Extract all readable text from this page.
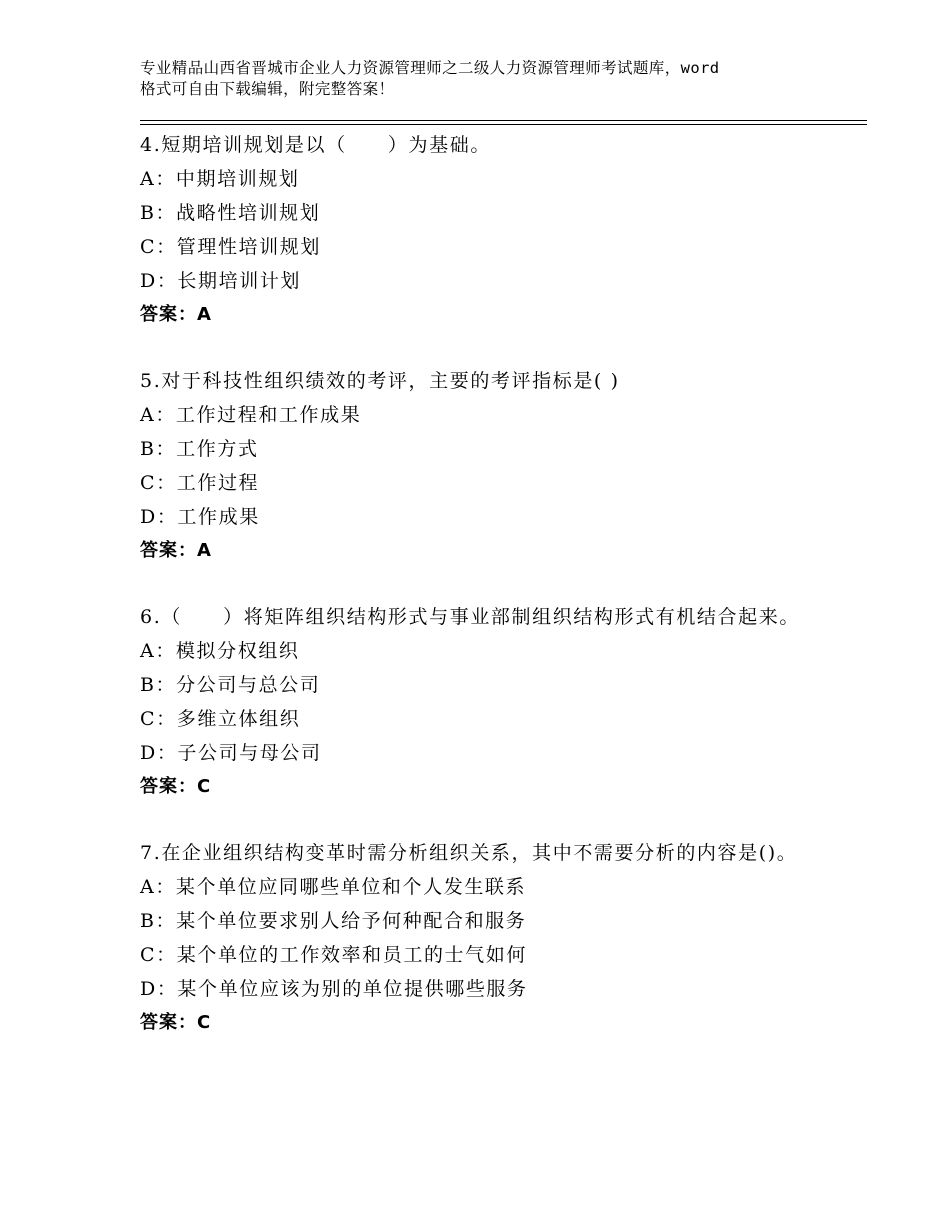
专业精品山西省晋城市企业人力资源管理师之二级人力资源管理师考试题库，word
格式可自由下载编辑，附完整答案！
4.短期培训规划是以（　　）为基础。
A：中期培训规划
B：战略性培训规划
C：管理性培训规划
D：长期培训计划
答案：A
5.对于科技性组织绩效的考评，主要的考评指标是( )
A：工作过程和工作成果
B：工作方式
C：工作过程
D：工作成果
答案：A
6.（　　）将矩阵组织结构形式与事业部制组织结构形式有机结合起来。
A：模拟分权组织
B：分公司与总公司
C：多维立体组织
D：子公司与母公司
答案：C
7.在企业组织结构变革时需分析组织关系，其中不需要分析的内容是()。
A：某个单位应同哪些单位和个人发生联系
B：某个单位要求别人给予何种配合和服务
C：某个单位的工作效率和员工的士气如何
D：某个单位应该为别的单位提供哪些服务
答案：C
